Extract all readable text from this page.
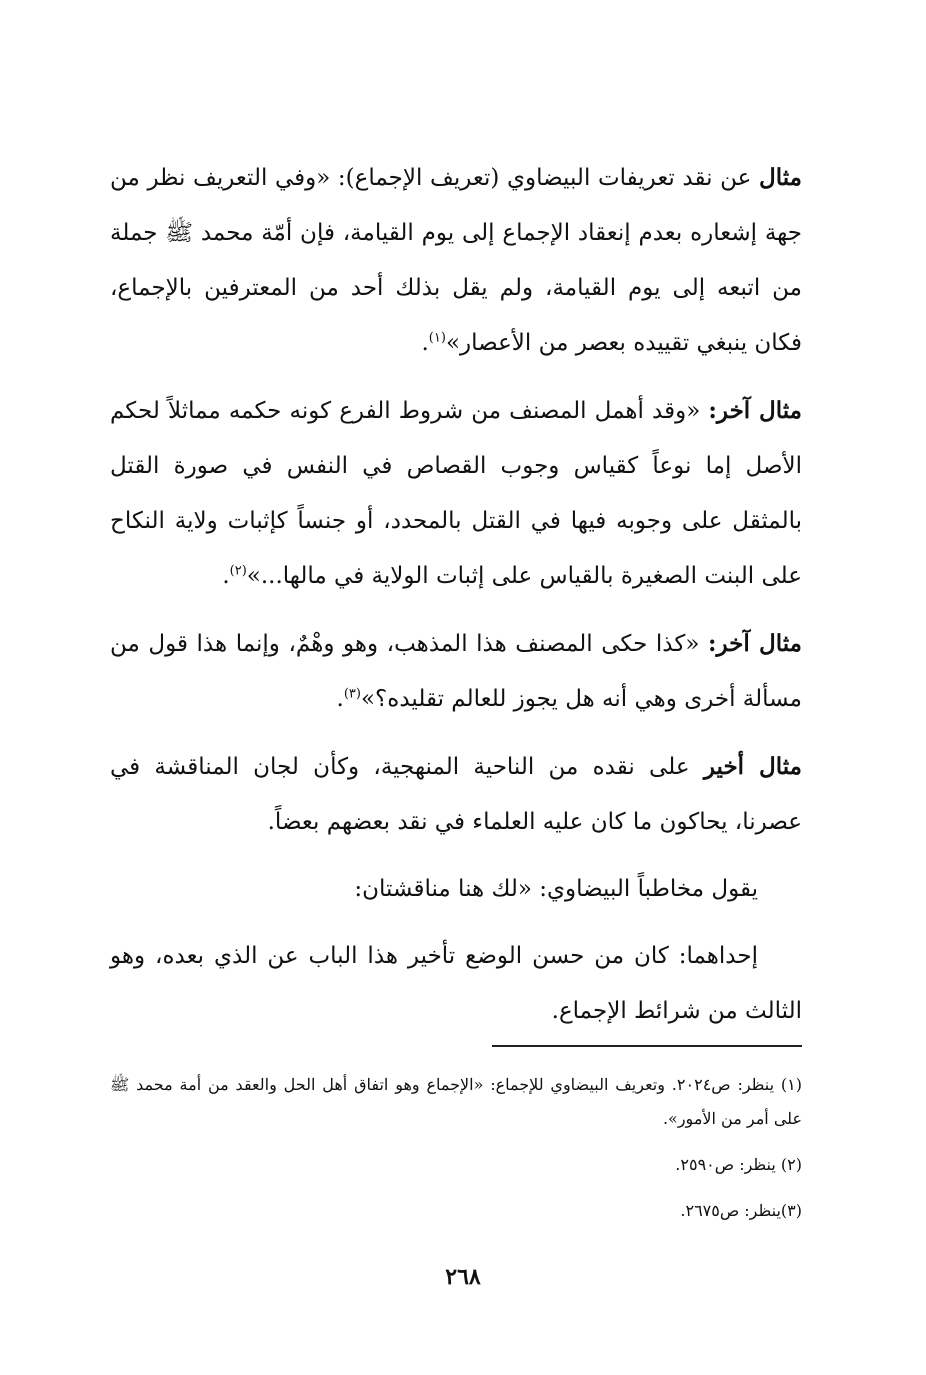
مثال عن نقد تعريفات البيضاوي (تعريف الإجماع): «وفي التعريف نظر من جهة إشعاره بعدم إنعقاد الإجماع إلى يوم القيامة، فإن أمّة محمد ﷺ جملة من اتبعه إلى يوم القيامة، ولم يقل بذلك أحد من المعترفين بالإجماع، فكان ينبغي تقييده بعصر من الأعصار»$^{(١)}$.

مثال آخر: «وقد أهمل المصنف من شروط الفرع كونه حكمه مماثلاً لحكم الأصل إما نوعاً كقياس وجوب القصاص في النفس في صورة القتل بالمثقل على وجوبه فيها في القتل بالمحدد، أو جنساً كإثبات ولاية النكاح على البنت الصغيرة بالقياس على إثبات الولاية في مالها...»$^{(٢)}$.

مثال آخر: «كذا حكى المصنف هذا المذهب، وهو وهْمٌ، وإنما هذا قول من مسألة أخرى وهي أنه هل يجوز للعالم تقليده؟»$^{(٣)}$.

مثال أخير على نقده من الناحية المنهجية، وكأن لجان المناقشة في عصرنا، يحاكون ما كان عليه العلماء في نقد بعضهم بعضاً.

يقول مخاطباً البيضاوي: «لك هنا مناقشتان:

إحداهما: كان من حسن الوضع تأخير هذا الباب عن الذي بعده، وهو الثالث من شرائط الإجماع.

(١) ينظر: ص٢٠٢٤. وتعريف البيضاوي للإجماع: «الإجماع وهو اتفاق أهل الحل والعقد من أمة محمد ﷺ على أمر من الأمور».

(٢) ينظر: ص٢٥٩٠.

(٣)ينظر: ص٢٦٧٥.

٢٦٨
